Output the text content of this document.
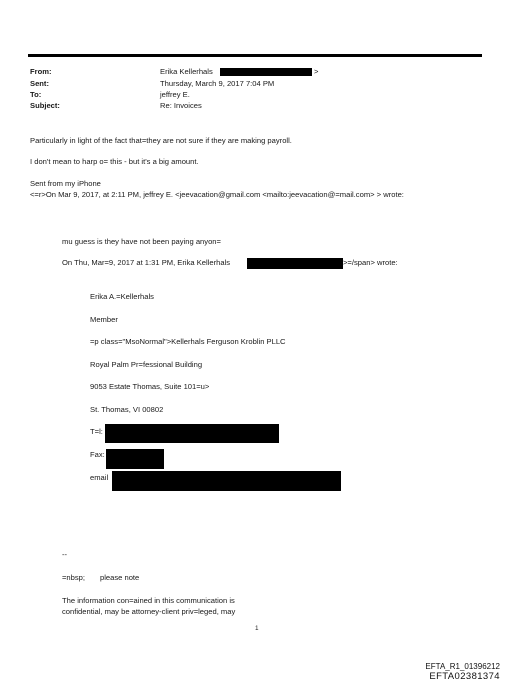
From:	Erika Kellerhals	>
Sent:	Thursday, March 9, 2017 7:04 PM
To:	jeffrey E.
Subject:	Re: Invoices
Particularly in light of the fact that=they are not sure if they are making payroll.
I don't mean to harp o= this - but it's a big amount.
Sent from my iPhone
<=r>On Mar 9, 2017, at 2:11 PM, jeffrey E. <jeevacation@gmail.com <mailto:jeevacation@=mail.com> > wrote:
mu guess is they have not been paying anyon=
On Thu, Mar=9, 2017 at 1:31 PM, Erika Kellerhals	>=/span> wrote:
Erika A.=Kellerhals
Member
=p class="MsoNormal">Kellerhals Ferguson Kroblin PLLC
Royal Palm Pr=fessional Building
9053 Estate Thomas, Suite 101=u>
St. Thomas, VI 00802
T=l:
Fax:
email
--
=nbsp; please note
The information con=ained in this communication is
confidential, may be attorney-client priv=leged, may
1
EFTA_R1_01396212
EFTA02381374
